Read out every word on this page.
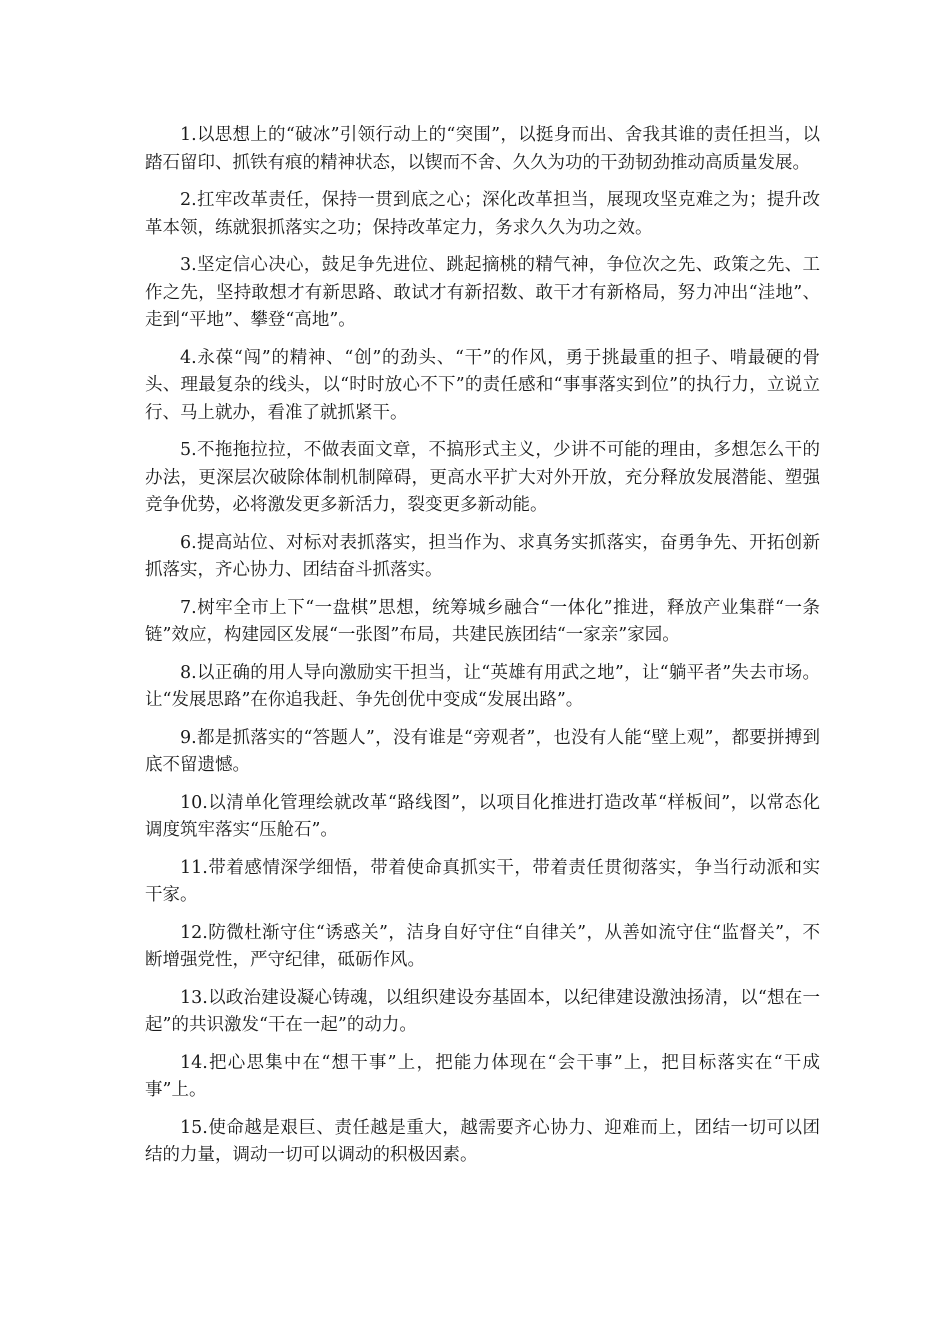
1.以思想上的“破冰”引领行动上的“突围”，以挺身而出、舍我其谁的责任担当，以踏石留印、抓铁有痕的精神状态，以锲而不舍、久久为功的干劲韧劲推动高质量发展。

2.扛牢改革责任，保持一贯到底之心；深化改革担当，展现攻坚克难之为；提升改革本领，练就狠抓落实之功；保持改革定力，务求久久为功之效。

3.坚定信心决心，鼓足争先进位、跳起摘桃的精气神，争位次之先、政策之先、工作之先，坚持敢想才有新思路、敢试才有新招数、敢干才有新格局，努力冲出“洼地”、走到“平地”、攀登“高地”。

4.永葆“闯”的精神、“创”的劲头、“干”的作风，勇于挑最重的担子、啃最硬的骨头、理最复杂的线头，以“时时放心不下”的责任感和“事事落实到位”的执行力，立说立行、马上就办，看准了就抓紧干。

5.不拖拖拉拉，不做表面文章，不搞形式主义，少讲不可能的理由，多想怎么干的办法，更深层次破除体制机制障碍，更高水平扩大对外开放，充分释放发展潜能、塑强竞争优势，必将激发更多新活力，裂变更多新动能。

6.提高站位、对标对表抓落实，担当作为、求真务实抓落实，奋勇争先、开拓创新抓落实，齐心协力、团结奋斗抓落实。

7.树牢全市上下“一盘棋”思想，统筹城乡融合“一体化”推进，释放产业集群“一条链”效应，构建园区发展“一张图”布局，共建民族团结“一家亲”家园。

8.以正确的用人导向激励实干担当，让“英雄有用武之地”，让“躺平者”失去市场。让“发展思路”在你追我赶、争先创优中变成“发展出路”。

9.都是抓落实的“答题人”，没有谁是“旁观者”，也没有人能“壁上观”，都要拼搏到底不留遗憾。

10.以清单化管理绘就改革“路线图”，以项目化推进打造改革“样板间”，以常态化调度筑牢落实“压舱石”。

11.带着感情深学细悟，带着使命真抓实干，带着责任贯彻落实，争当行动派和实干家。

12.防微杜渐守住“诱惑关”，洁身自好守住“自律关”，从善如流守住“监督关”，不断增强党性，严守纪律，砥砺作风。

13.以政治建设凝心铸魂，以组织建设夯基固本，以纪律建设激浊扬清，以“想在一起”的共识激发“干在一起”的动力。

14.把心思集中在“想干事”上，把能力体现在“会干事”上，把目标落实在“干成事”上。

15.使命越是艰巨、责任越是重大，越需要齐心协力、迎难而上，团结一切可以团结的力量，调动一切可以调动的积极因素。
